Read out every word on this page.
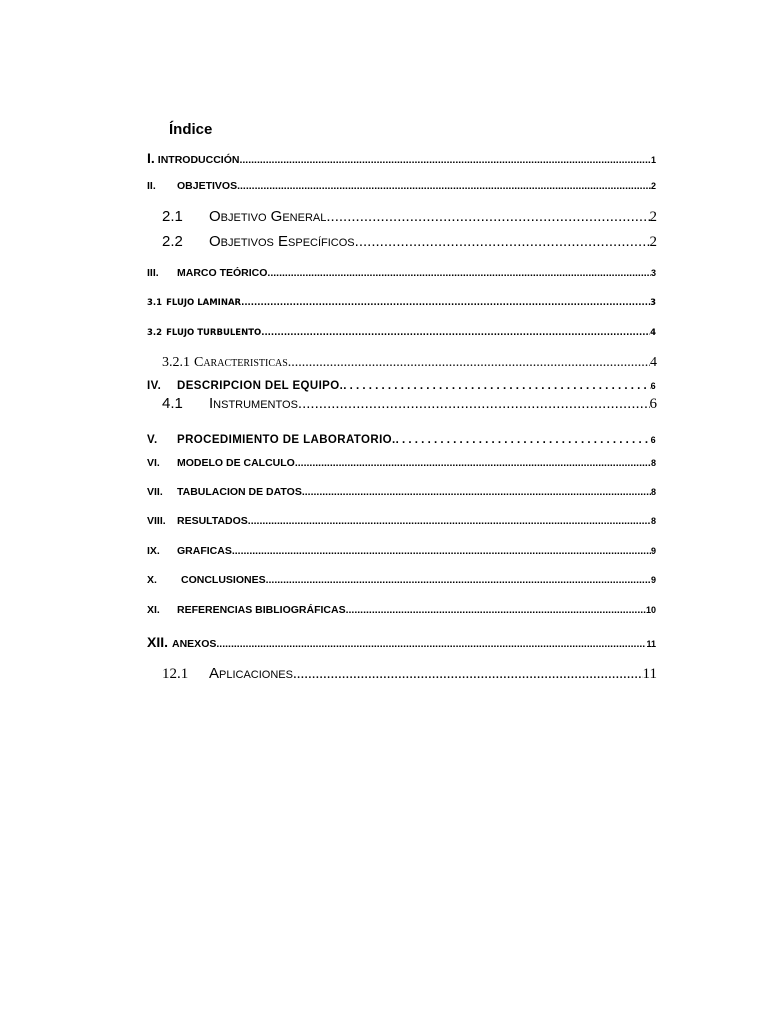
Índice
I. INTRODUCCIÓN .....	1
II.	OBJETIVOS. .....	2
2.1	Objetivo General .....	2
2.2	Objetivos Específicos .....	2
III.	MARCO TEÓRICO. .....	3
3.1 FLUJO LAMINAR .....	3
3.2 FLUJO TURBULENTO .....	4
3.2.1 Caracteristicas .....	4
IV.	DESCRIPCIÓN DEL EQUIPO. . . .	6
4.1	Instrumentos .....	6
V.	PROCEDIMIENTO DE LABORATORIO. . . .	6
VI.	MODELO DE CALCULO. .....	8
VII.	TABULACION DE DATOS .....	8
VIII.	RESULTADOS. .....	8
IX.	GRAFICAS. .....	9
X.	CONCLUSIONES .....	9
XI.	REFERENCIAS BIBLIOGRÁFICAS. .....	10
XII. ANEXOS .....	11
12.1	Aplicaciones .....	11
